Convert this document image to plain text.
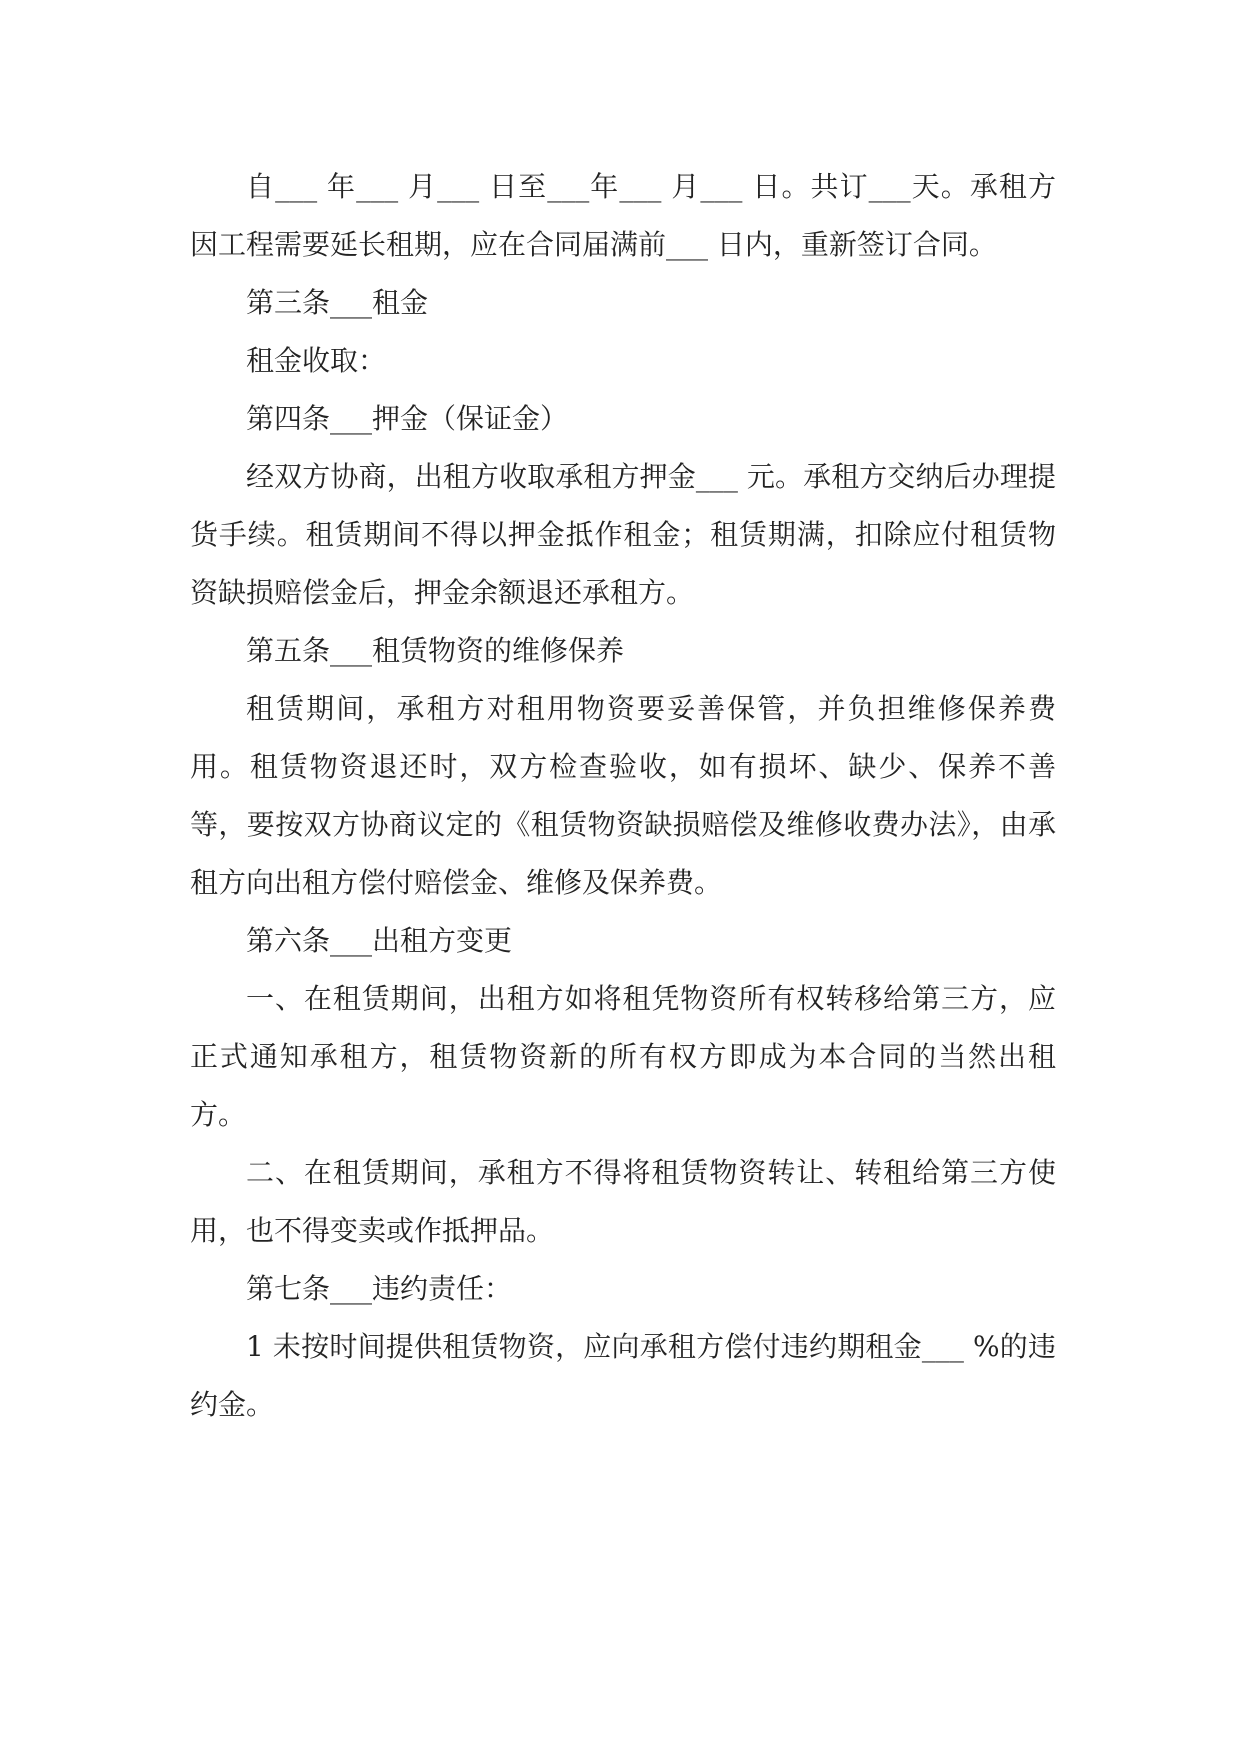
自___ 年___ 月___ 日至___年___ 月___ 日。共订___天。承租方因工程需要延长租期，应在合同届满前___ 日内，重新签订合同。

第三条___租金

租金收取：

第四条___押金（保证金）

经双方协商，出租方收取承租方押金___ 元。承租方交纳后办理提货手续。租赁期间不得以押金抵作租金；租赁期满，扣除应付租赁物资缺损赔偿金后，押金余额退还承租方。

第五条___租赁物资的维修保养

租赁期间，承租方对租用物资要妥善保管，并负担维修保养费用。租赁物资退还时，双方检查验收，如有损坏、缺少、保养不善等，要按双方协商议定的《租赁物资缺损赔偿及维修收费办法》，由承租方向出租方偿付赔偿金、维修及保养费。

第六条___出租方变更

一、在租赁期间，出租方如将租凭物资所有权转移给第三方，应正式通知承租方，租赁物资新的所有权方即成为本合同的当然出租方。

二、在租赁期间，承租方不得将租赁物资转让、转租给第三方使用，也不得变卖或作抵押品。

第七条___违约责任：

1 未按时间提供租赁物资，应向承租方偿付违约期租金___ %的违约金。
